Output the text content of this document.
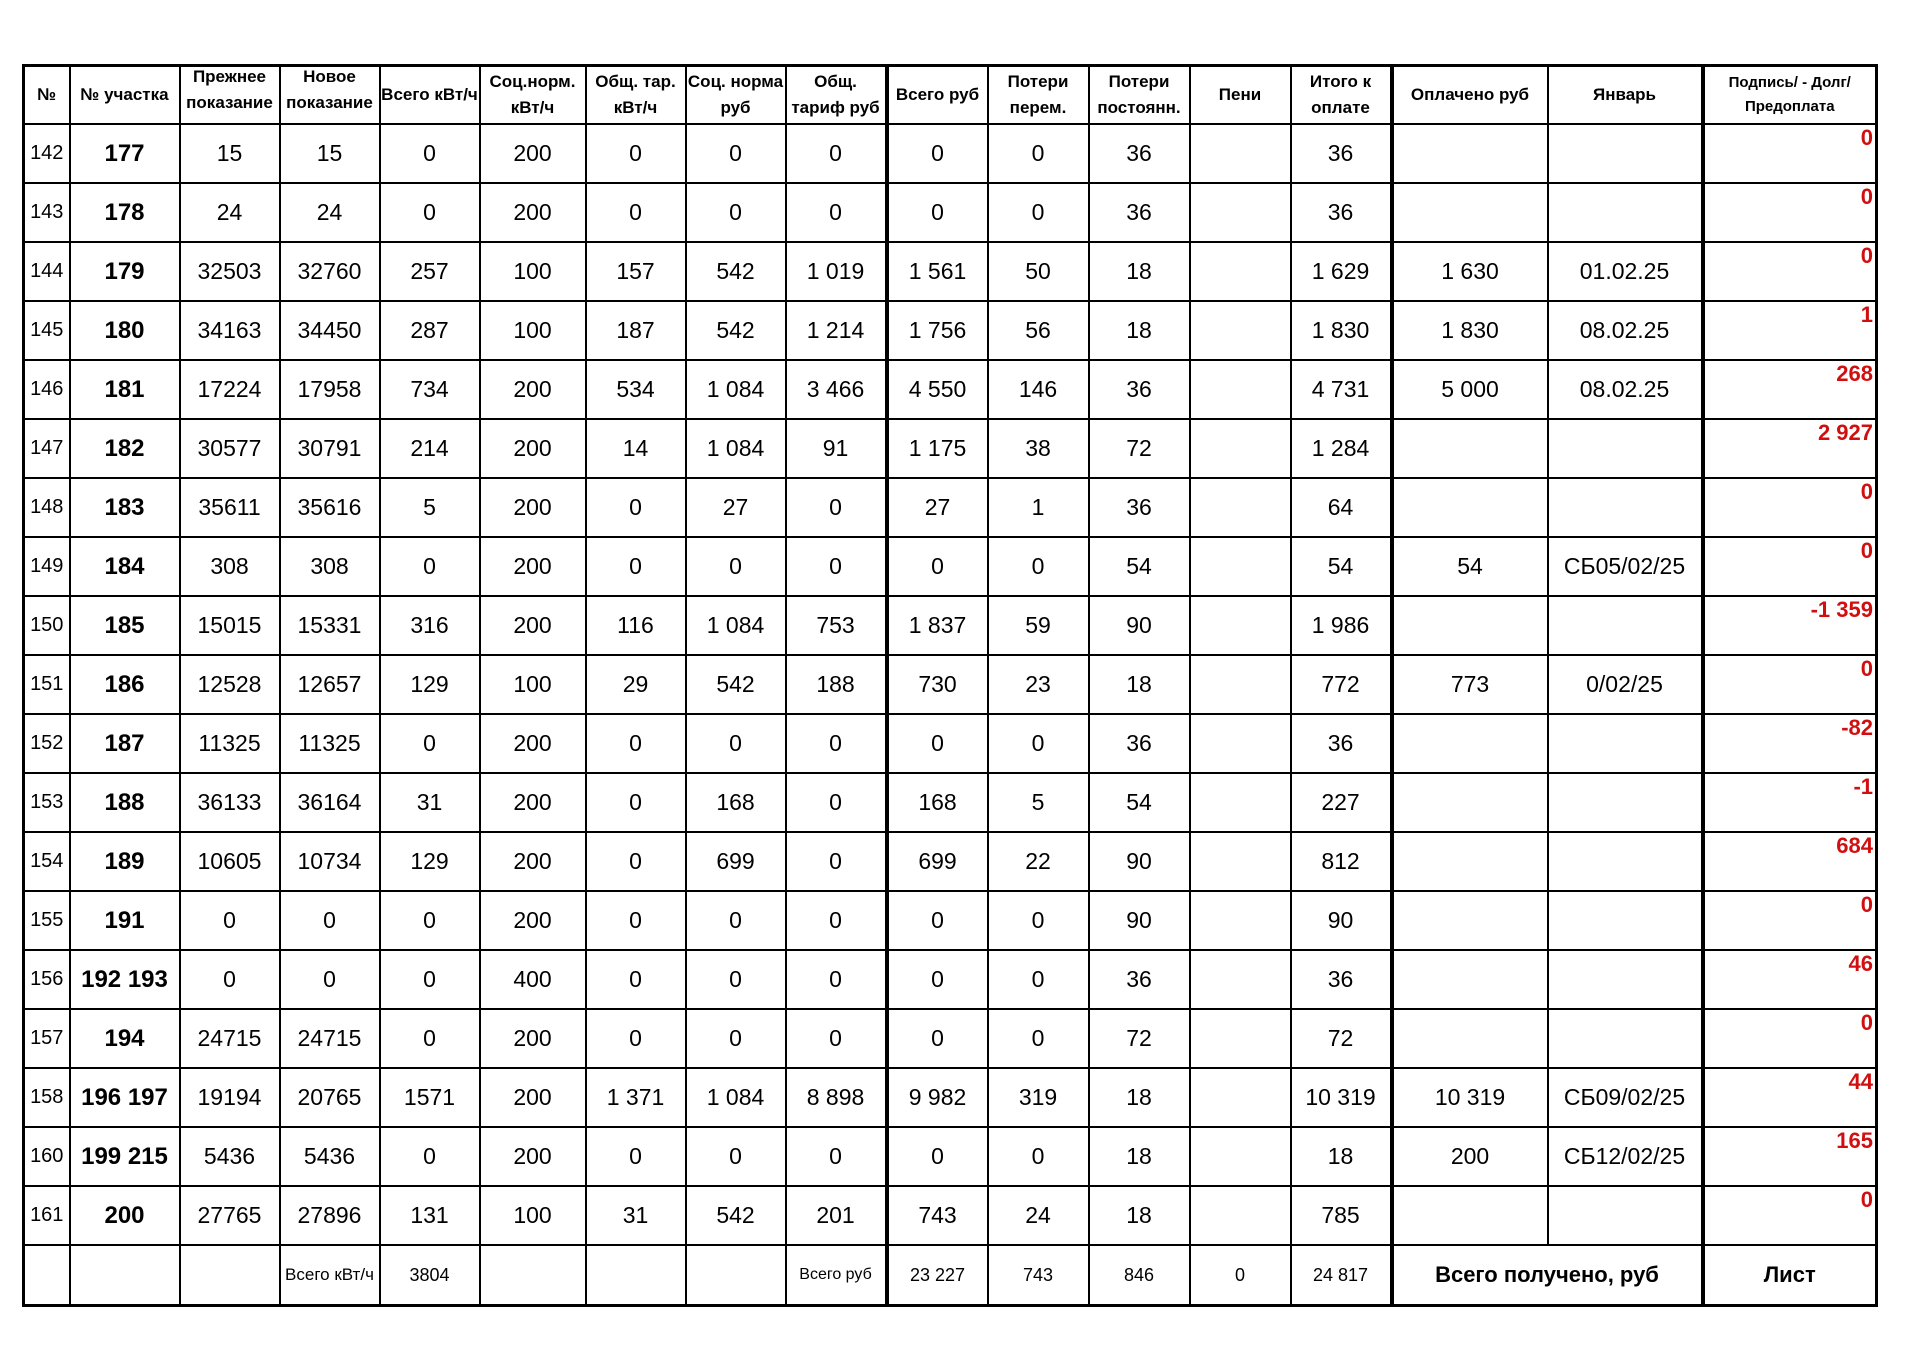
№	№ участка	Прежнее показание	Новое показание	Всего кВт/ч	Соц.норм. кВт/ч	Общ. тар. кВт/ч	Соц. норма руб	Общ. тариф руб	Всего руб	Потери перем.	Потери постоянн.	Пени	Итого к оплате	Оплачено руб	Январь	Подпись/ - Долг/Предоплата
142	177	15	15	0	200	0	0	0	0	0	36		36			0
143	178	24	24	0	200	0	0	0	0	0	36		36			0
144	179	32503	32760	257	100	157	542	1 019	1 561	50	18		1 629	1 630	01.02.25	0
145	180	34163	34450	287	100	187	542	1 214	1 756	56	18		1 830	1 830	08.02.25	1
146	181	17224	17958	734	200	534	1 084	3 466	4 550	146	36		4 731	5 000	08.02.25	268
147	182	30577	30791	214	200	14	1 084	91	1 175	38	72		1 284			2 927
148	183	35611	35616	5	200	0	27	0	27	1	36		64			0
149	184	308	308	0	200	0	0	0	0	0	54		54	54	СБ05/02/25	0
150	185	15015	15331	316	200	116	1 084	753	1 837	59	90		1 986			-1 359
151	186	12528	12657	129	100	29	542	188	730	23	18		772	773	0/02/25	0
152	187	11325	11325	0	200	0	0	0	0	0	36		36			-82
153	188	36133	36164	31	200	0	168	0	168	5	54		227			-1
154	189	10605	10734	129	200	0	699	0	699	22	90		812			684
155	191	0	0	0	200	0	0	0	0	0	90		90			0
156	192 193	0	0	0	400	0	0	0	0	0	36		36			46
157	194	24715	24715	0	200	0	0	0	0	0	72		72			0
158	196 197	19194	20765	1571	200	1 371	1 084	8 898	9 982	319	18		10 319	10 319	СБ09/02/25	44
160	199 215	5436	5436	0	200	0	0	0	0	0	18		18	200	СБ12/02/25	165
161	200	27765	27896	131	100	31	542	201	743	24	18		785			0
			Всего кВт/ч	3804				Всего руб	23 227	743	846	0	24 817	Всего получено, руб		Лист
